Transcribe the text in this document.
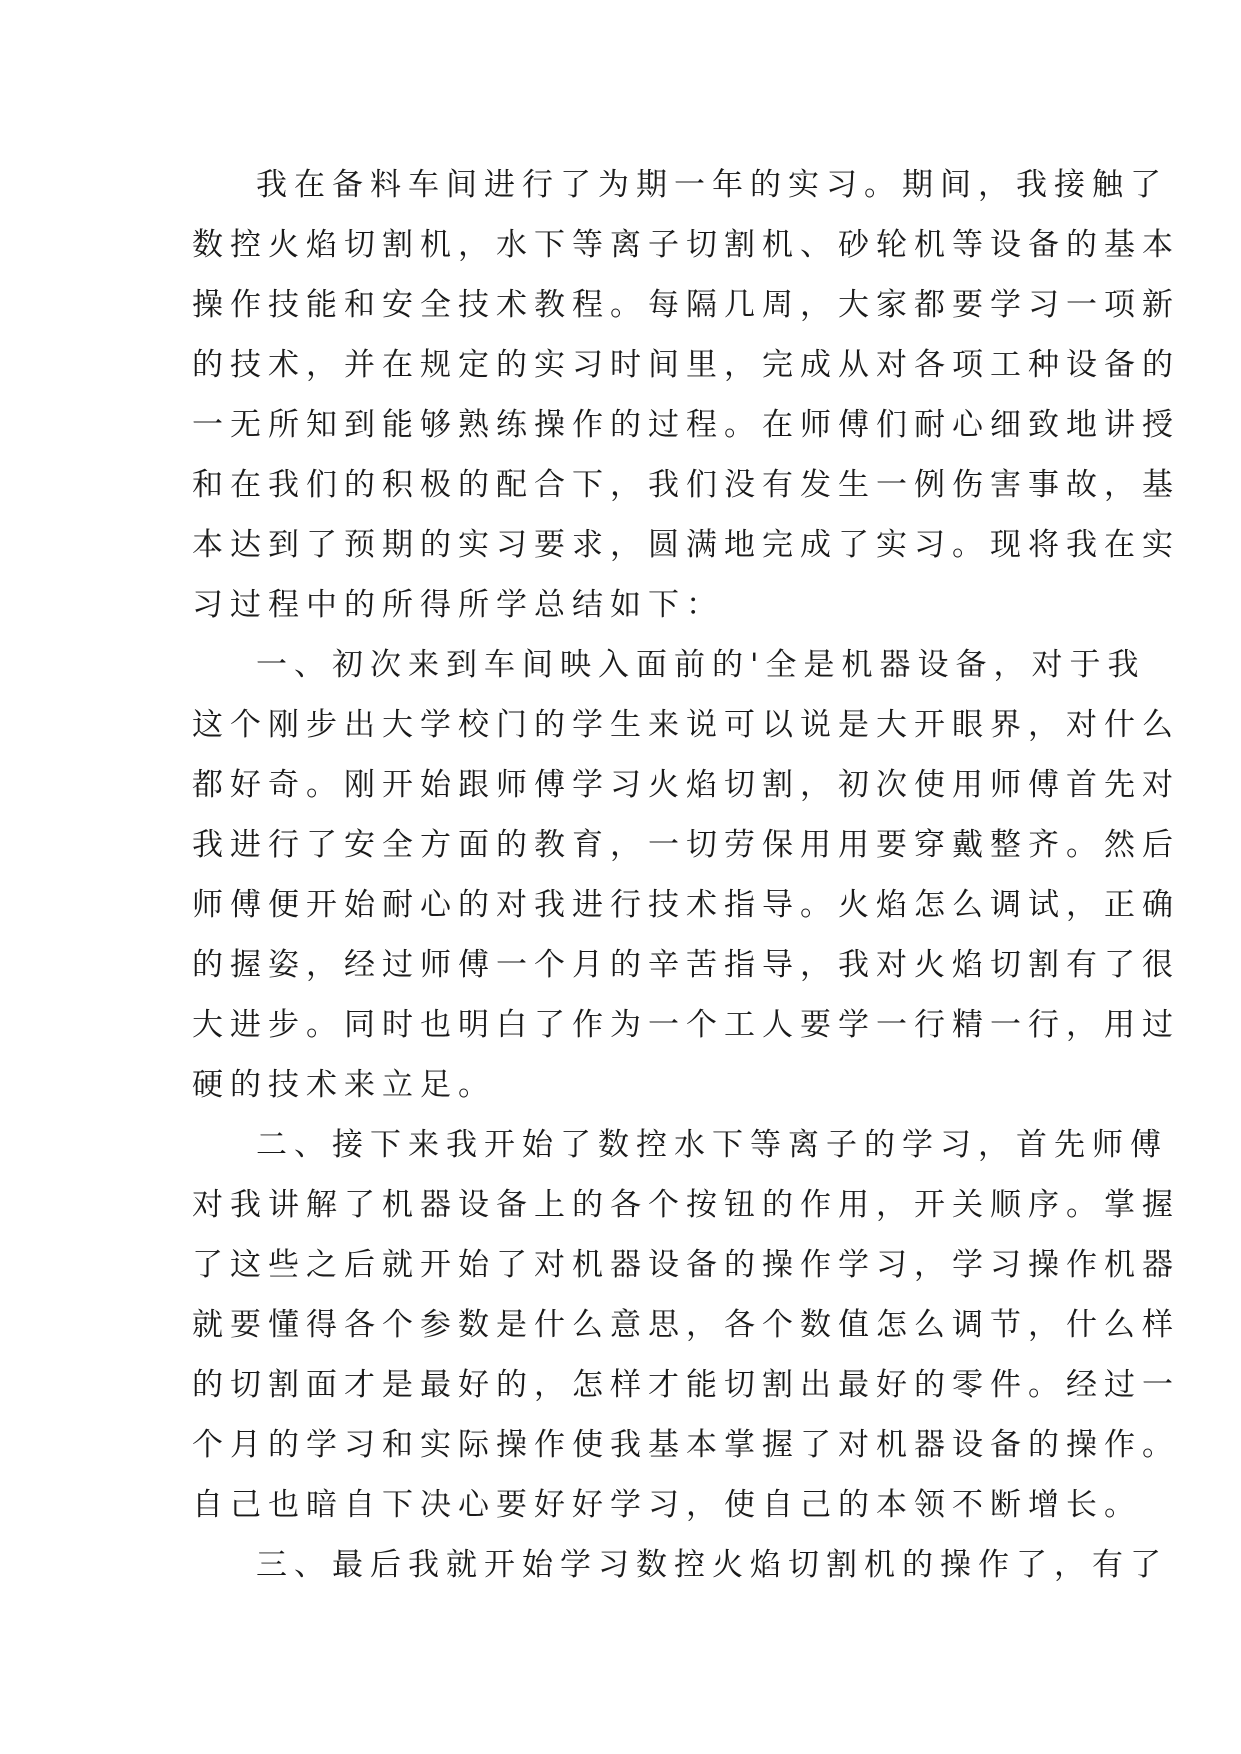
我在备料车间进行了为期一年的实习。期间，我接触了
数控火焰切割机，水下等离子切割机、砂轮机等设备的基本
操作技能和安全技术教程。每隔几周，大家都要学习一项新
的技术，并在规定的实习时间里，完成从对各项工种设备的
一无所知到能够熟练操作的过程。在师傅们耐心细致地讲授
和在我们的积极的配合下，我们没有发生一例伤害事故，基
本达到了预期的实习要求，圆满地完成了实习。现将我在实
习过程中的所得所学总结如下：
一、初次来到车间映入面前的'全是机器设备，对于我
这个刚步出大学校门的学生来说可以说是大开眼界，对什么
都好奇。刚开始跟师傅学习火焰切割，初次使用师傅首先对
我进行了安全方面的教育，一切劳保用用要穿戴整齐。然后
师傅便开始耐心的对我进行技术指导。火焰怎么调试，正确
的握姿，经过师傅一个月的辛苦指导，我对火焰切割有了很
大进步。同时也明白了作为一个工人要学一行精一行，用过
硬的技术来立足。
二、接下来我开始了数控水下等离子的学习，首先师傅
对我讲解了机器设备上的各个按钮的作用，开关顺序。掌握
了这些之后就开始了对机器设备的操作学习，学习操作机器
就要懂得各个参数是什么意思，各个数值怎么调节，什么样
的切割面才是最好的，怎样才能切割出最好的零件。经过一
个月的学习和实际操作使我基本掌握了对机器设备的操作。
自己也暗自下决心要好好学习，使自己的本领不断增长。
三、最后我就开始学习数控火焰切割机的操作了，有了
